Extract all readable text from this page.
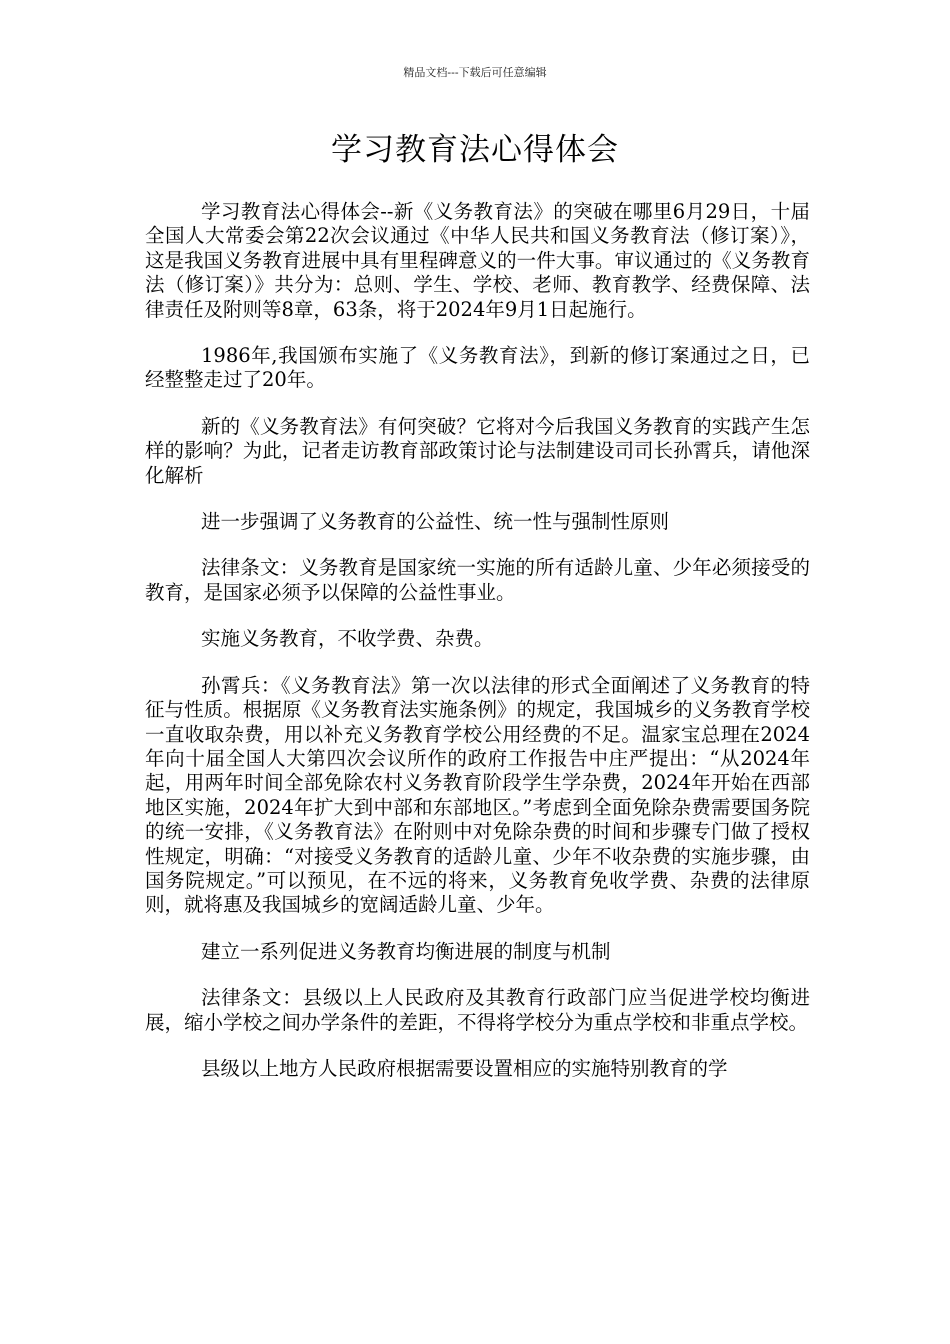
精品文档---下载后可任意编辑
学习教育法心得体会

学习教育法心得体会--新《义务教育法》的突破在哪里6月29日，十届全国人大常委会第22次会议通过《中华人民共和国义务教育法（修订案）》，这是我国义务教育进展中具有里程碑意义的一件大事。审议通过的《义务教育法（修订案）》共分为：总则、学生、学校、老师、教育教学、经费保障、法律责任及附则等8章，63条，将于2024年9月1日起施行。

1986年,我国颁布实施了《义务教育法》，到新的修订案通过之日，已经整整走过了20年。

新的《义务教育法》有何突破？它将对今后我国义务教育的实践产生怎样的影响？为此，记者走访教育部政策讨论与法制建设司司长孙霄兵，请他深化解析

进一步强调了义务教育的公益性、统一性与强制性原则

法律条文：义务教育是国家统一实施的所有适龄儿童、少年必须接受的教育，是国家必须予以保障的公益性事业。

实施义务教育，不收学费、杂费。

孙霄兵：《义务教育法》第一次以法律的形式全面阐述了义务教育的特征与性质。根据原《义务教育法实施条例》的规定，我国城乡的义务教育学校一直收取杂费，用以补充义务教育学校公用经费的不足。温家宝总理在2024年向十届全国人大第四次会议所作的政府工作报告中庄严提出：“从2024年起，用两年时间全部免除农村义务教育阶段学生学杂费，2024年开始在西部地区实施，2024年扩大到中部和东部地区。”考虑到全面免除杂费需要国务院的统一安排，《义务教育法》在附则中对免除杂费的时间和步骤专门做了授权性规定，明确：“对接受义务教育的适龄儿童、少年不收杂费的实施步骤，由国务院规定。”可以预见，在不远的将来，义务教育免收学费、杂费的法律原则，就将惠及我国城乡的宽阔适龄儿童、少年。

建立一系列促进义务教育均衡进展的制度与机制

法律条文：县级以上人民政府及其教育行政部门应当促进学校均衡进展，缩小学校之间办学条件的差距，不得将学校分为重点学校和非重点学校。

县级以上地方人民政府根据需要设置相应的实施特别教育的学
